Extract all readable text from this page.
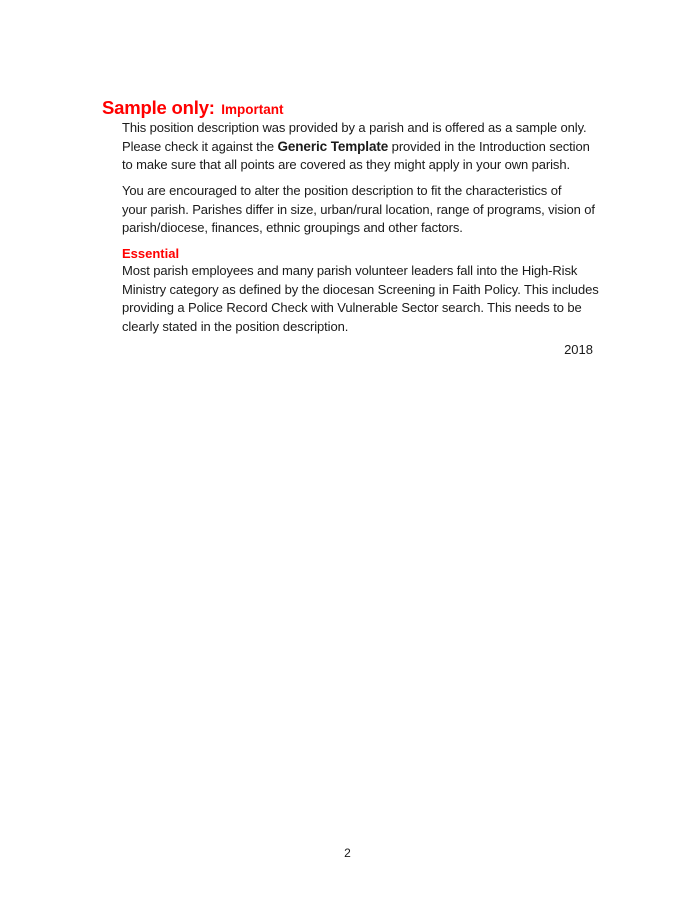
Sample only: Important
This position description was provided by a parish and is offered as a sample only.
Please check it against the Generic Template provided in the Introduction section
to make sure that all points are covered as they might apply in your own parish.
You are encouraged to alter the position description to fit the characteristics of
your parish. Parishes differ in size, urban/rural location, range of programs, vision of
parish/diocese, finances, ethnic groupings and other factors.
Essential
Most parish employees and many parish volunteer leaders fall into the High-Risk
Ministry category as defined by the diocesan Screening in Faith Policy. This includes
providing a Police Record Check with Vulnerable Sector search. This needs to be
clearly stated in the position description.
2018
2
